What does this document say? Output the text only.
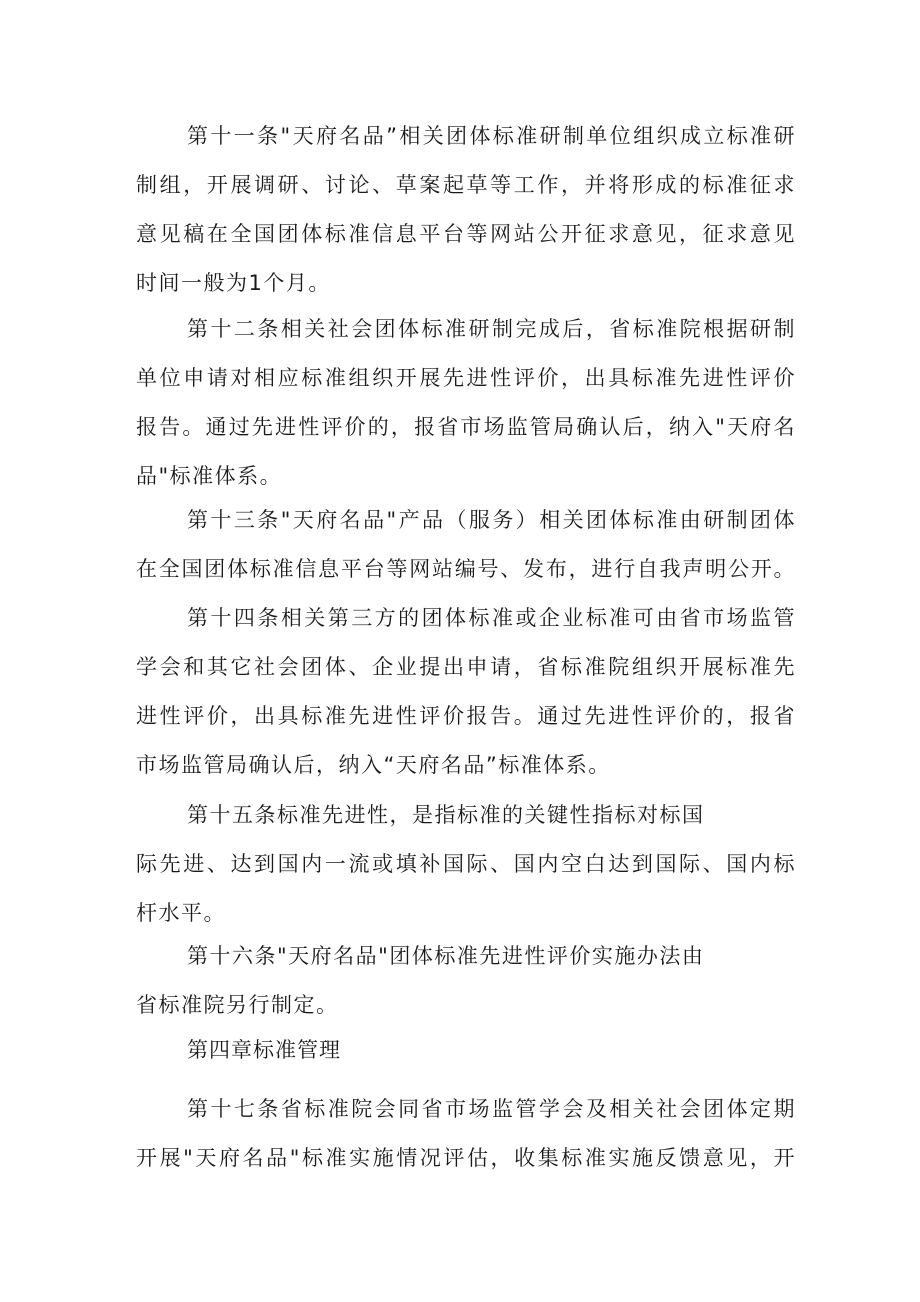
第十一条"天府名品”相关团体标准研制单位组织成立标准研
制组，开展调研、讨论、草案起草等工作，并将形成的标准征求
意见稿在全国团体标准信息平台等网站公开征求意见，征求意见
时间一般为1个月。
第十二条相关社会团体标准研制完成后，省标准院根据研制
单位申请对相应标准组织开展先进性评价，出具标准先进性评价
报告。通过先进性评价的，报省市场监管局确认后，纳入"天府名
品"标准体系。
第十三条"天府名品"产品（服务）相关团体标准由研制团体
在全国团体标准信息平台等网站编号、发布，进行自我声明公开。
第十四条相关第三方的团体标准或企业标准可由省市场监管
学会和其它社会团体、企业提出申请，省标准院组织开展标准先
进性评价，出具标准先进性评价报告。通过先进性评价的，报省
市场监管局确认后，纳入“天府名品”标准体系。
第十五条标准先进性，是指标准的关键性指标对标国
际先进、达到国内一流或填补国际、国内空白达到国际、国内标
杆水平。
第十六条"天府名品"团体标准先进性评价实施办法由
省标准院另行制定。
第四章标准管理
第十七条省标准院会同省市场监管学会及相关社会团体定期
开展"天府名品"标准实施情况评估，收集标准实施反馈意见，开
